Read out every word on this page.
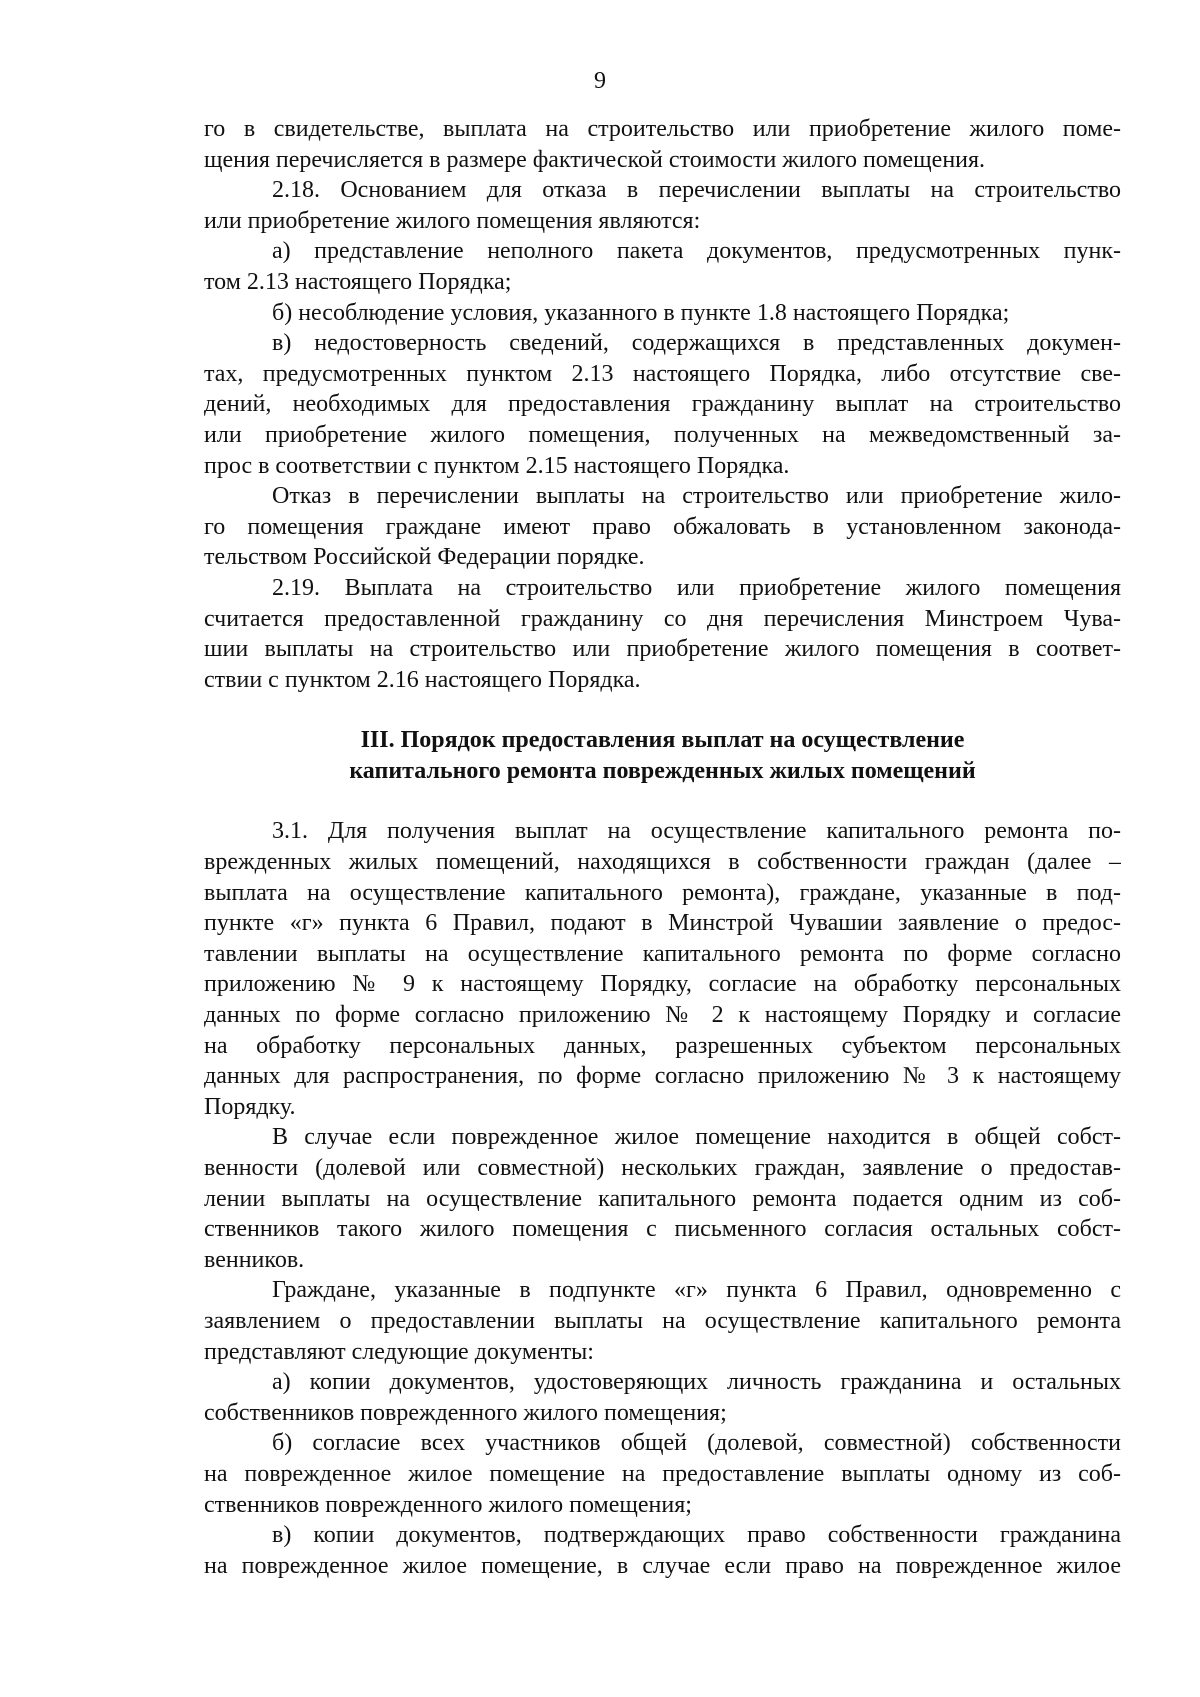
9
го в свидетельстве, выплата на строительство или приобретение жилого поме-
щения перечисляется в размере фактической стоимости жилого помещения.
2.18. Основанием для отказа в перечислении выплаты на строительство
или приобретение жилого помещения являются:
а) представление неполного пакета документов, предусмотренных пунк-
том 2.13 настоящего Порядка;
б) несоблюдение условия, указанного в пункте 1.8 настоящего Порядка;
в) недостоверность сведений, содержащихся в представленных докумен-
тах, предусмотренных пунктом 2.13 настоящего Порядка, либо отсутствие све-
дений, необходимых для предоставления гражданину выплат на строительство
или приобретение жилого помещения, полученных на межведомственный за-
прос в соответствии с пунктом 2.15 настоящего Порядка.
Отказ в перечислении выплаты на строительство или приобретение жило-
го помещения граждане имеют право обжаловать в установленном законода-
тельством Российской Федерации порядке.
2.19. Выплата на строительство или приобретение жилого помещения
считается предоставленной гражданину со дня перечисления Минстроем Чува-
шии выплаты на строительство или приобретение жилого помещения в соответ-
ствии с пунктом 2.16 настоящего Порядка.
III. Порядок предоставления выплат на осуществление
капитального ремонта поврежденных жилых помещений
3.1. Для получения выплат на осуществление капитального ремонта по-
врежденных жилых помещений, находящихся в собственности граждан (далее –
выплата на осуществление капитального ремонта), граждане, указанные в под-
пункте «г» пункта 6 Правил, подают в Минстрой Чувашии заявление о предос-
тавлении выплаты на осуществление капитального ремонта по форме согласно
приложению № 9 к настоящему Порядку, согласие на обработку персональных
данных по форме согласно приложению № 2 к настоящему Порядку и согласие
на обработку персональных данных, разрешенных субъектом персональных
данных для распространения, по форме согласно приложению № 3 к настоящему
Порядку.
В случае если поврежденное жилое помещение находится в общей собст-
венности (долевой или совместной) нескольких граждан, заявление о предостав-
лении выплаты на осуществление капитального ремонта подается одним из соб-
ственников такого жилого помещения с письменного согласия остальных собст-
венников.
Граждане, указанные в подпункте «г» пункта 6 Правил, одновременно с
заявлением о предоставлении выплаты на осуществление капитального ремонта
представляют следующие документы:
а) копии документов, удостоверяющих личность гражданина и остальных
собственников поврежденного жилого помещения;
б) согласие всех участников общей (долевой, совместной) собственности
на поврежденное жилое помещение на предоставление выплаты одному из соб-
ственников поврежденного жилого помещения;
в) копии документов, подтверждающих право собственности гражданина
на поврежденное жилое помещение, в случае если право на поврежденное жилое
